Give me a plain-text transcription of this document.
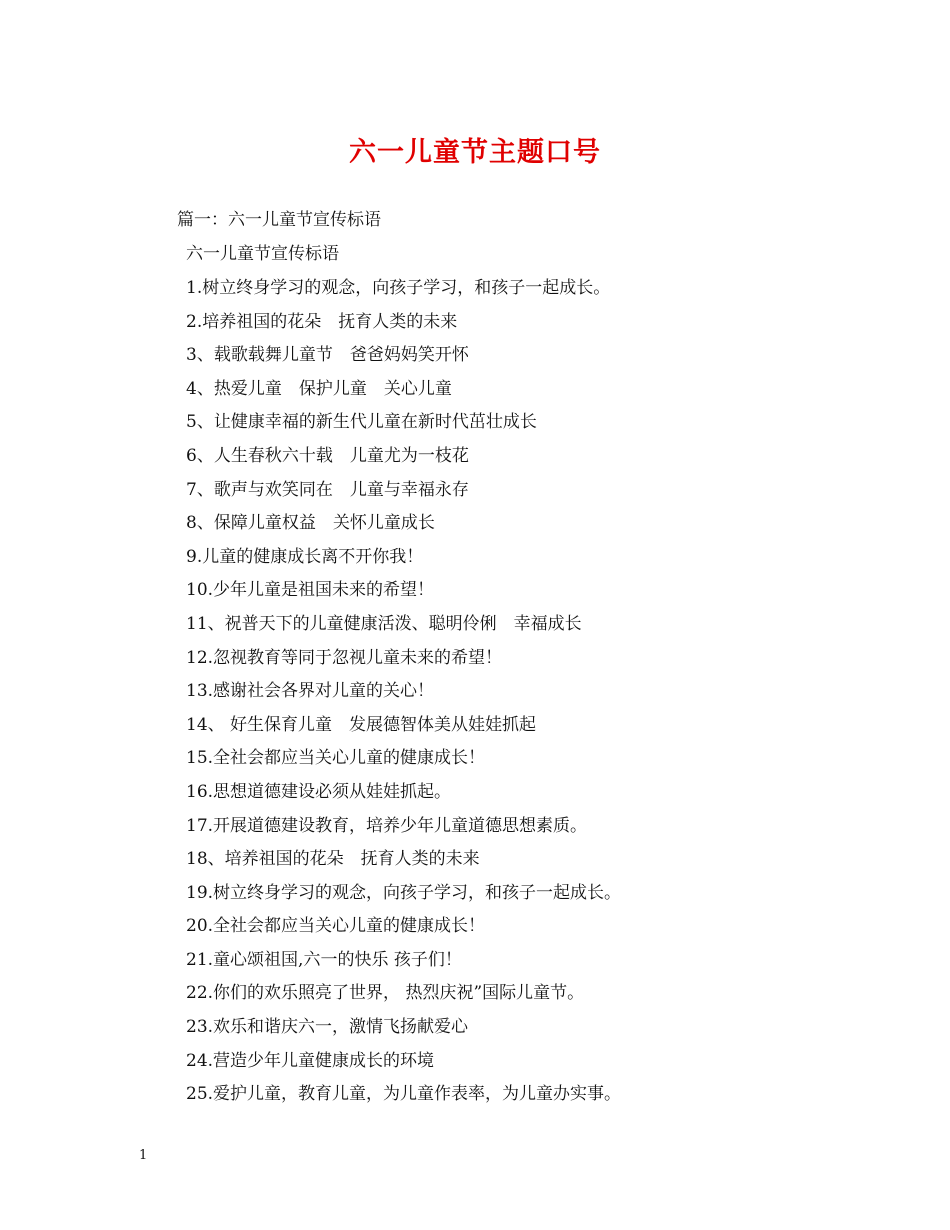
六一儿童节主题口号
篇一：六一儿童节宣传标语
六一儿童节宣传标语
1.树立终身学习的观念，向孩子学习，和孩子一起成长。
2.培养祖国的花朵　抚育人类的未来
3、载歌载舞儿童节　爸爸妈妈笑开怀
4、热爱儿童　保护儿童　关心儿童
5、让健康幸福的新生代儿童在新时代茁壮成长
6、人生春秋六十载　儿童尤为一枝花
7、歌声与欢笑同在　儿童与幸福永存
8、保障儿童权益　关怀儿童成长
9.儿童的健康成长离不开你我！
10.少年儿童是祖国未来的希望！
11、祝普天下的儿童健康活泼、聪明伶俐　幸福成长
12.忽视教育等同于忽视儿童未来的希望！
13.感谢社会各界对儿童的关心！
14、 好生保育儿童　发展德智体美从娃娃抓起
15.全社会都应当关心儿童的健康成长！
16.思想道德建设必须从娃娃抓起。
17.开展道德建设教育，培养少年儿童道德思想素质。
18、培养祖国的花朵　抚育人类的未来
19.树立终身学习的观念，向孩子学习，和孩子一起成长。
20.全社会都应当关心儿童的健康成长！
21.童心颂祖国,六一的快乐 孩子们！
22.你们的欢乐照亮了世界， 热烈庆祝”国际儿童节。
23.欢乐和谐庆六一，激情飞扬献爱心
24.营造少年儿童健康成长的环境
25.爱护儿童，教育儿童，为儿童作表率，为儿童办实事。
1
